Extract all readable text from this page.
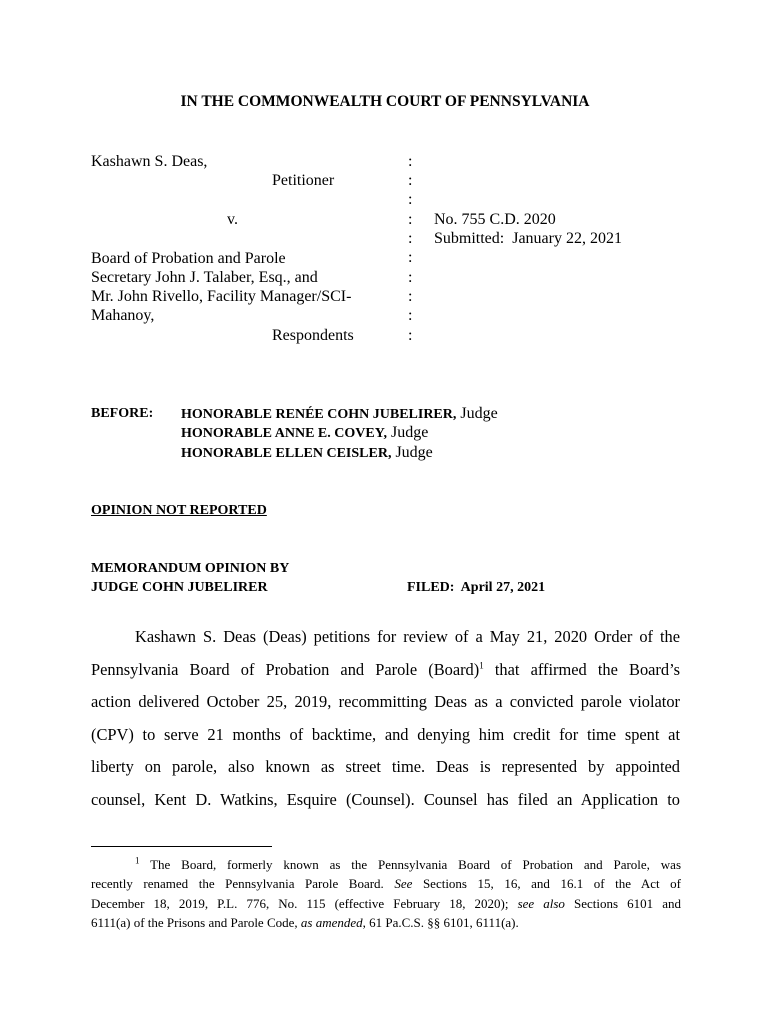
IN THE COMMONWEALTH COURT OF PENNSYLVANIA
Kashawn S. Deas,
Petitioner
v.
Board of Probation and Parole
Secretary John J. Talaber, Esq., and
Mr. John Rivello, Facility Manager/SCI-
Mahanoy,
Respondents
:
:
:
:
:
:
:
:
:
:
No. 755 C.D. 2020
Submitted:  January 22, 2021
BEFORE: HONORABLE RENÉE COHN JUBELIRER, Judge
HONORABLE ANNE E. COVEY, Judge
HONORABLE ELLEN CEISLER, Judge
OPINION NOT REPORTED
MEMORANDUM OPINION BY
JUDGE COHN JUBELIRER	FILED:  April 27, 2021
Kashawn S. Deas (Deas) petitions for review of a May 21, 2020 Order of the
Pennsylvania Board of Probation and Parole (Board)$^1$ that affirmed the Board’s
action delivered October 25, 2019, recommitting Deas as a convicted parole violator
(CPV) to serve 21 months of backtime, and denying him credit for time spent at
liberty on parole, also known as street time. Deas is represented by appointed
counsel, Kent D. Watkins, Esquire (Counsel). Counsel has filed an Application to
$^1$ The Board, formerly known as the Pennsylvania Board of Probation and Parole, was
recently renamed the Pennsylvania Parole Board. See Sections 15, 16, and 16.1 of the Act of
December 18, 2019, P.L. 776, No. 115 (effective February 18, 2020); see also Sections 6101 and
6111(a) of the Prisons and Parole Code, as amended, 61 Pa.C.S. §§ 6101, 6111(a).
